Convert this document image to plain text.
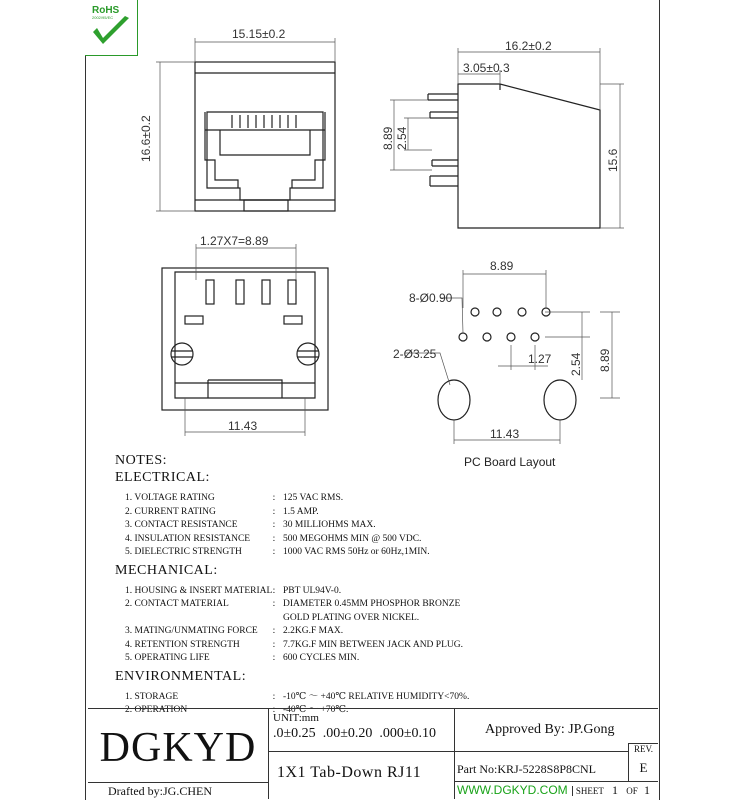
RoHS
2002/95/EC
15.15±0.2
16.6±0.2
16.2±0.2
3.05±0.3
8.89 2.54
15.6
1.27X7=8.89
11.43
8.89
8-Ø0.90
1.27 2.54 8.89
2-Ø3.25
11.43
PC Board Layout
NOTES:
ELECTRICAL:
1. VOLTAGE RATING	: 125 VAC RMS.
2. CURRENT RATING	: 1.5 AMP.
3. CONTACT RESISTANCE	: 30 MILLIOHMS MAX.
4. INSULATION RESISTANCE	: 500 MEGOHMS MIN @ 500 VDC.
5. DIELECTRIC STRENGTH	: 1000 VAC RMS 50Hz or 60Hz,1MIN.
MECHANICAL:
1. HOUSING & INSERT MATERIAL : PBT UL94V-0.
2. CONTACT MATERIAL	: DIAMETER 0.45MM PHOSPHOR BRONZE
GOLD PLATING OVER NICKEL.
3. MATING/UNMATING FORCE	: 2.2KG.F MAX.
4. RETENTION STRENGTH	: 7.7KG.F MIN BETWEEN JACK AND PLUG.
5. OPERATING LIFE	: 600 CYCLES MIN.
ENVIRONMENTAL:
1. STORAGE	: -10℃ ～ +40℃ RELATIVE HUMIDITY<70%.
2. OPERATION	: -40℃ ～ +70℃.
DGKYD
Drafted by:JG.CHEN
UNIT:mm
.0±0.25 .00±0.20 .000±0.10
1X1 Tab-Down RJ11
Approved By: JP.Gong
Part No:KRJ-5228S8P8CNL
REV.
E
WWW.DGKYD.COM SHEET 1 OF 1
